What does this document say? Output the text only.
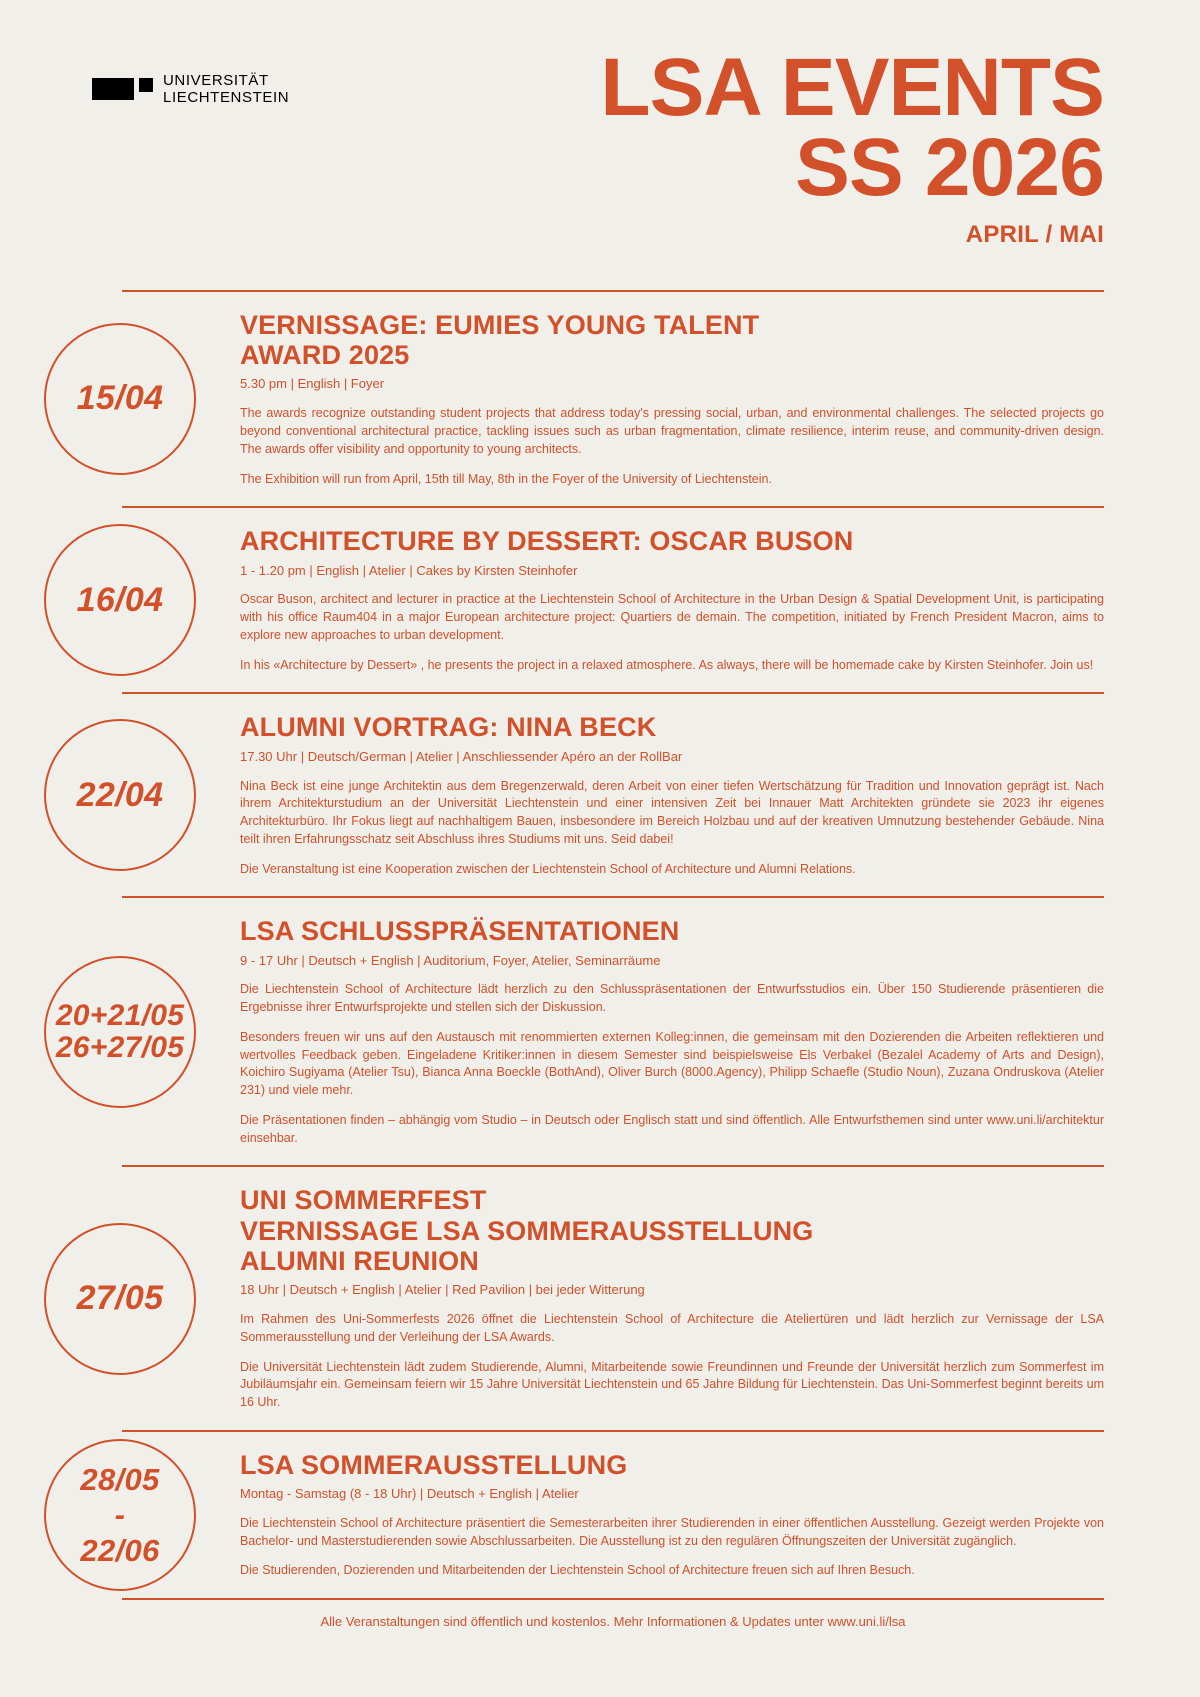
UNIVERSITÄT
LIECHTENSTEIN	LSA EVENTS
SS 2026
APRIL / MAI
15/04
VERNISSAGE: EUMIES YOUNG TALENT
AWARD 2025
5.30 pm | English | Foyer

The awards recognize outstanding student projects that address today's pressing social, urban, and environmental challenges. The selected projects go beyond conventional architectural practice, tackling issues such as urban fragmentation, climate resilience, interim reuse, and community-driven design. The awards offer visibility and opportunity to young architects.

The Exhibition will run from April, 15th till May, 8th in the Foyer of the University of Liechtenstein.

16/04
ARCHITECTURE BY DESSERT: OSCAR BUSON
1 - 1.20 pm | English | Atelier | Cakes by Kirsten Steinhofer

Oscar Buson, architect and lecturer in practice at the Liechtenstein School of Architecture in the Urban Design & Spatial Development Unit, is participating with his office Raum404 in a major European architecture project: Quartiers de demain. The competition, initiated by French President Macron, aims to explore new approaches to urban development.

In his «Architecture by Dessert» , he presents the project in a relaxed atmosphere. As always, there will be homemade cake by Kirsten Steinhofer. Join us!

22/04
ALUMNI VORTRAG: NINA BECK
17.30 Uhr | Deutsch/German | Atelier | Anschliessender Apéro an der RollBar

Nina Beck ist eine junge Architektin aus dem Bregenzerwald, deren Arbeit von einer tiefen Wertschätzung für Tradition und Innovation geprägt ist. Nach ihrem Architekturstudium an der Universität Liechtenstein und einer intensiven Zeit bei Innauer Matt Architekten gründete sie 2023 ihr eigenes Architekturbüro. Ihr Fokus liegt auf nachhaltigem Bauen, insbesondere im Bereich Holzbau und auf der kreativen Umnutzung bestehender Gebäude. Nina teilt ihren Erfahrungsschatz seit Abschluss ihres Studiums mit uns. Seid dabei!

Die Veranstaltung ist eine Kooperation zwischen der Liechtenstein School of Architecture und Alumni Relations.

20+21/05
26+27/05
LSA SCHLUSSPRÄSENTATIONEN
9 - 17 Uhr | Deutsch + English | Auditorium, Foyer, Atelier, Seminarräume

Die Liechtenstein School of Architecture lädt herzlich zu den Schlusspräsentationen der Entwurfsstudios ein. Über 150 Studierende präsentieren die Ergebnisse ihrer Entwurfsprojekte und stellen sich der Diskussion.

Besonders freuen wir uns auf den Austausch mit renommierten externen Kolleg:innen, die gemeinsam mit den Dozierenden die Arbeiten reflektieren und wertvolles Feedback geben. Eingeladene Kritiker:innen in diesem Semester sind beispielsweise Els Verbakel (Bezalel Academy of Arts and Design), Koichiro Sugiyama (Atelier Tsu), Bianca Anna Boeckle (BothAnd), Oliver Burch (8000.Agency), Philipp Schaefle (Studio Noun), Zuzana Ondruskova (Atelier 231) und viele mehr.

Die Präsentationen finden – abhängig vom Studio – in Deutsch oder Englisch statt und sind öffentlich. Alle Entwurfsthemen sind unter www.uni.li/architektur einsehbar.

27/05
UNI SOMMERFEST
VERNISSAGE LSA SOMMERAUSSTELLUNG
ALUMNI REUNION
18 Uhr | Deutsch + English | Atelier | Red Pavilion | bei jeder Witterung

Im Rahmen des Uni-Sommerfests 2026 öffnet die Liechtenstein School of Architecture die Ateliertüren und lädt herzlich zur Vernissage der LSA Sommerausstellung und der Verleihung der LSA Awards.

Die Universität Liechtenstein lädt zudem Studierende, Alumni, Mitarbeitende sowie Freundinnen und Freunde der Universität herzlich zum Sommerfest im Jubiläumsjahr ein. Gemeinsam feiern wir 15 Jahre Universität Liechtenstein und 65 Jahre Bildung für Liechtenstein. Das Uni-Sommerfest beginnt bereits um 16 Uhr.

28/05
-
22/06
LSA SOMMERAUSSTELLUNG
Montag - Samstag (8 - 18 Uhr) | Deutsch + English | Atelier

Die Liechtenstein School of Architecture präsentiert die Semesterarbeiten ihrer Studierenden in einer öffentlichen Ausstellung. Gezeigt werden Projekte von Bachelor- und Masterstudierenden sowie Abschlussarbeiten. Die Ausstellung ist zu den regulären Öffnungszeiten der Universität zugänglich.

Die Studierenden, Dozierenden und Mitarbeitenden der Liechtenstein School of Architecture freuen sich auf Ihren Besuch.

Alle Veranstaltungen sind öffentlich und kostenlos. Mehr Informationen & Updates unter www.uni.li/lsa
